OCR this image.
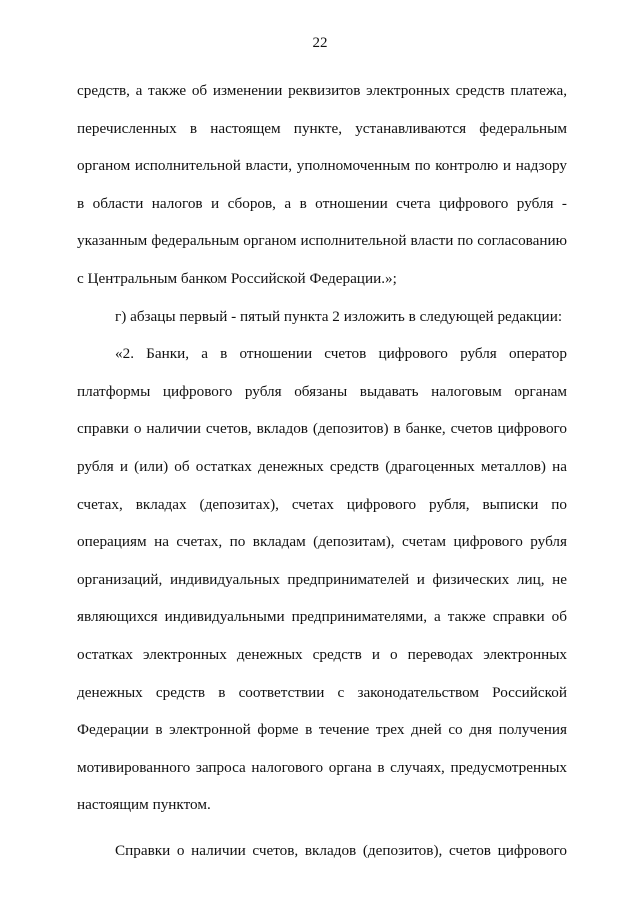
22
средств, а также об изменении реквизитов электронных средств платежа,
перечисленных в настоящем пункте, устанавливаются федеральным
органом исполнительной власти, уполномоченным по контролю и надзору
в области налогов и сборов, а в отношении счета цифрового рубля -
указанным федеральным органом исполнительной власти по согласованию
с Центральным банком Российской Федерации.»;
г) абзацы первый - пятый пункта 2 изложить в следующей редакции:
«2. Банки, а в отношении счетов цифрового рубля оператор
платформы цифрового рубля обязаны выдавать налоговым органам
справки о наличии счетов, вкладов (депозитов) в банке, счетов цифрового
рубля и (или) об остатках денежных средств (драгоценных металлов) на
счетах, вкладах (депозитах), счетах цифрового рубля, выписки по
операциям на счетах, по вкладам (депозитам), счетам цифрового рубля
организаций, индивидуальных предпринимателей и физических лиц, не
являющихся индивидуальными предпринимателями, а также справки об
остатках электронных денежных средств и о переводах электронных
денежных средств в соответствии с законодательством Российской
Федерации в электронной форме в течение трех дней со дня получения
мотивированного запроса налогового органа в случаях, предусмотренных
настоящим пунктом.
Справки о наличии счетов, вкладов (депозитов), счетов цифрового
